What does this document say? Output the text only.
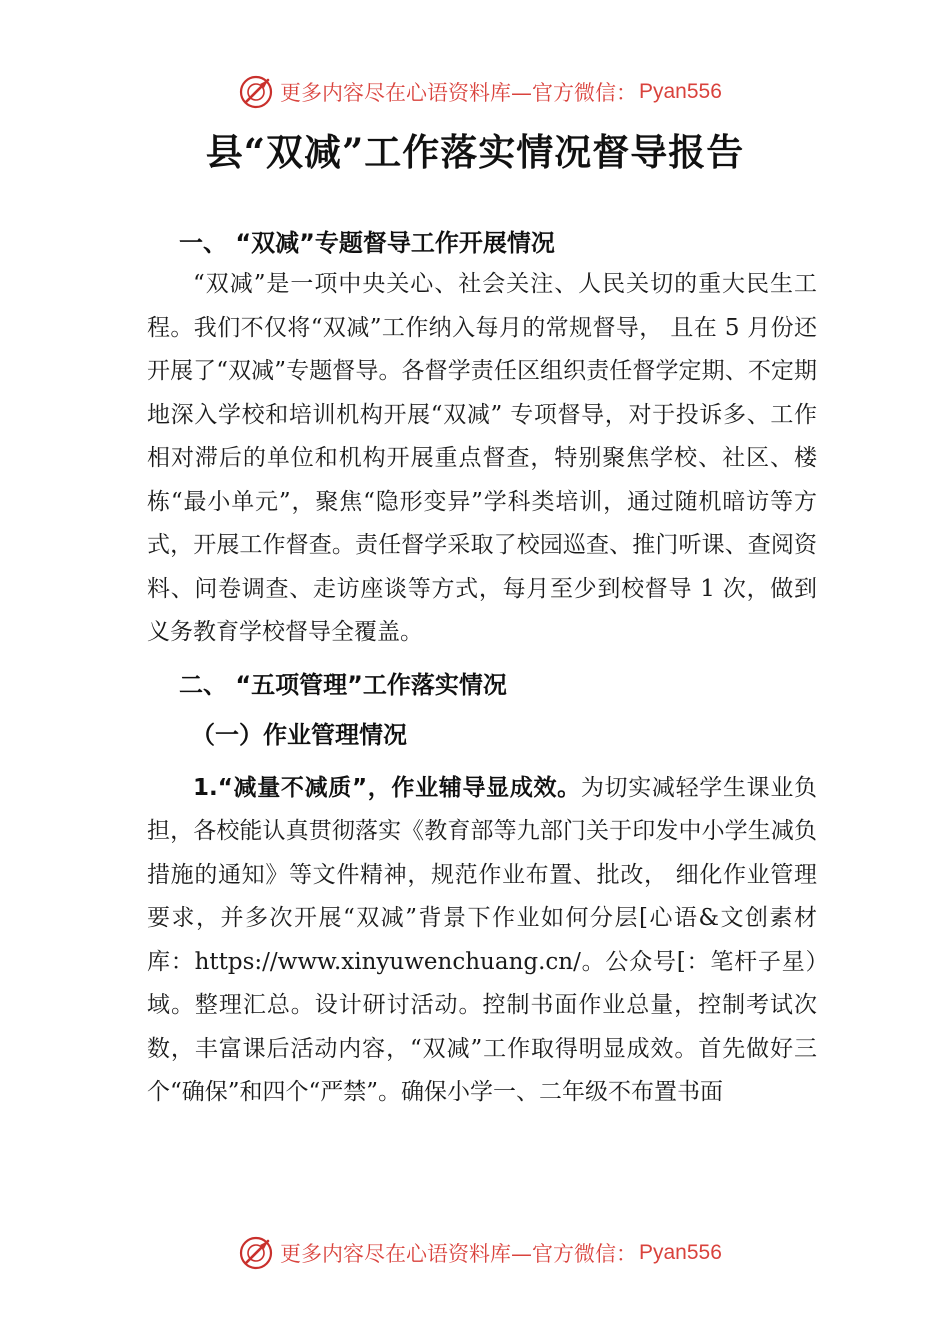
更多内容尽在心语资料库—官方微信： Pyan556
县“双减”工作落实情况督导报告
一、 “双减”专题督导工作开展情况

“双减”是一项中央关心、社会关注、人民关切的重大民生工程。我们不仅将“双减”工作纳入每月的常规督导， 且在 5 月份还开展了“双减”专题督导。各督学责任区组织责任督学定期、不定期地深入学校和培训机构开展“双减” 专项督导，对于投诉多、工作相对滞后的单位和机构开展重点督查，特别聚焦学校、社区、楼栋“最小单元”，聚焦“隐形变异”学科类培训，通过随机暗访等方式，开展工作督查。责任督学采取了校园巡查、推门听课、查阅资料、问卷调查、走访座谈等方式，每月至少到校督导 1 次，做到义务教育学校督导全覆盖。

二、 “五项管理”工作落实情况
（一）作业管理情况

1.“减量不减质”，作业辅导显成效。为切实减轻学生课业负担，各校能认真贯彻落实《教育部等九部门关于印发中小学生减负措施的通知》等文件精神，规范作业布置、批改， 细化作业管理要求，并多次开展“双减”背景下作业如何分层[心语&文创素材库：https://www.xinyuwenchuang.cn/。公众号[：笔杆子星）域。整理汇总。设计研讨活动。控制书面作业总量，控制考试次数，丰富课后活动内容，“双减”工作取得明显成效。首先做好三个“确保”和四个“严禁”。确保小学一、二年级不布置书面

更多内容尽在心语资料库—官方微信： Pyan556
